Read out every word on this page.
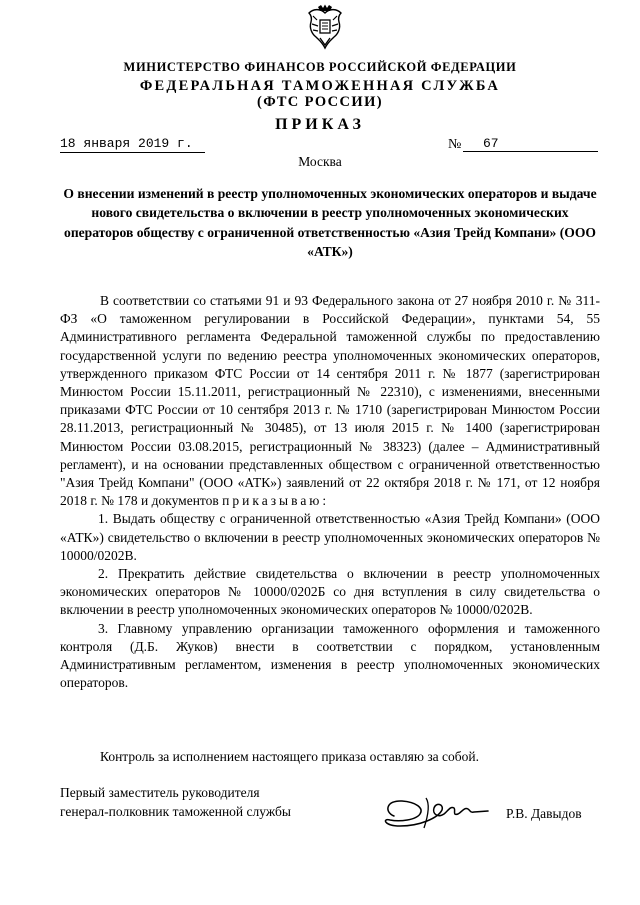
МИНИСТЕРСТВО ФИНАНСОВ РОССИЙСКОЙ ФЕДЕРАЦИИ
ФЕДЕРАЛЬНАЯ ТАМОЖЕННАЯ СЛУЖБА
(ФТС РОССИИ)
ПРИКАЗ
18 января 2019 г.	№	67
Москва
О внесении изменений в реестр уполномоченных экономических операторов и выдаче нового свидетельства о включении в реестр уполномоченных экономических операторов обществу с ограниченной ответственностью «Азия Трейд Компани» (ООО «АТК»)

В соответствии со статьями 91 и 93 Федерального закона от 27 ноября 2010 г. № 311-ФЗ «О таможенном регулировании в Российской Федерации», пунктами 54, 55 Административного регламента Федеральной таможенной службы по предоставлению государственной услуги по ведению реестра уполномоченных экономических операторов, утвержденного приказом ФТС России от 14 сентября 2011 г. № 1877 (зарегистрирован Минюстом России 15.11.2011, регистрационный № 22310), с изменениями, внесенными приказами ФТС России от 10 сентября 2013 г. № 1710 (зарегистрирован Минюстом России 28.11.2013, регистрационный № 30485), от 13 июля 2015 г. № 1400 (зарегистрирован Минюстом России 03.08.2015, регистрационный № 38323) (далее – Административный регламент), и на основании представленных обществом с ограниченной ответственностью "Азия Трейд Компани" (ООО «АТК») заявлений от 22 октября 2018 г. № 171, от 12 ноября 2018 г. № 178 и документов приказываю:

1. Выдать обществу с ограниченной ответственностью «Азия Трейд Компани» (ООО «АТК») свидетельство о включении в реестр уполномоченных экономических операторов № 10000/0202В.

2. Прекратить действие свидетельства о включении в реестр уполномоченных экономических операторов № 10000/0202Б со дня вступления в силу свидетельства о включении в реестр уполномоченных экономических операторов № 10000/0202В.

3. Главному управлению организации таможенного оформления и таможенного контроля (Д.Б. Жуков) внести в соответствии с порядком, установленным Административным регламентом, изменения в реестр уполномоченных экономических операторов.

Контроль за исполнением настоящего приказа оставляю за собой.
Первый заместитель руководителя
генерал-полковник таможенной службы	Р.В. Давыдов
